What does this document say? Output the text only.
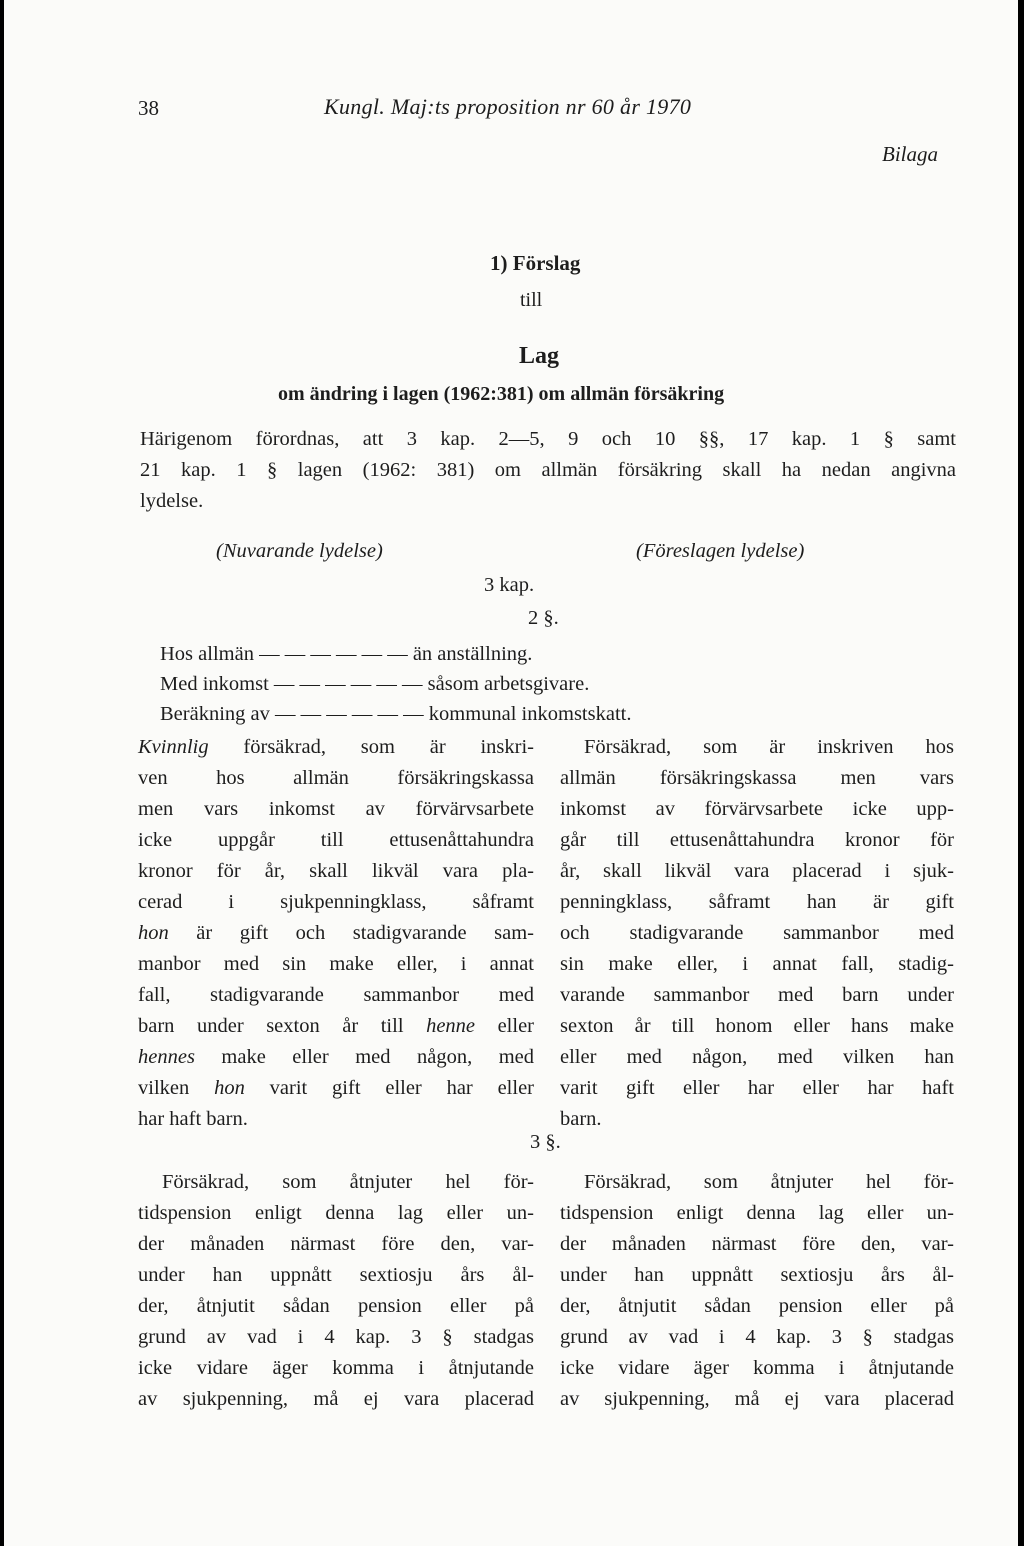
38	Kungl. Maj:ts proposition nr 60 år 1970
Bilaga
1) Förslag
till
Lag
om ändring i lagen (1962:381) om allmän försäkring
Härigenom förordnas, att 3 kap. 2—5, 9 och 10 §§, 17 kap. 1 § samt
21 kap. 1 § lagen (1962: 381) om allmän försäkring skall ha nedan angivna
lydelse.
(Nuvarande lydelse)	(Föreslagen lydelse)
3 kap.
2 §.
Hos allmän — — — — — — än anställning.
Med inkomst — — — — — — såsom arbetsgivare.
Beräkning av — — — — — — kommunal inkomstskatt.
Kvinnlig försäkrad, som är inskri-
ven hos allmän försäkringskassa
men vars inkomst av förvärvsarbete
icke uppgår till ettusenåttahundra
kronor för år, skall likväl vara pla-
cerad i sjukpenningklass, såframt
hon är gift och stadigvarande sam-
manbor med sin make eller, i annat
fall, stadigvarande sammanbor med
barn under sexton år till henne eller
hennes make eller med någon, med
vilken hon varit gift eller har eller
har haft barn.
Försäkrad, som är inskriven hos
allmän försäkringskassa men vars
inkomst av förvärvsarbete icke upp-
går till ettusenåttahundra kronor för
år, skall likväl vara placerad i sjuk-
penningklass, såframt han är gift
och stadigvarande sammanbor med
sin make eller, i annat fall, stadig-
varande sammanbor med barn under
sexton år till honom eller hans make
eller med någon, med vilken han
varit gift eller har eller har haft
barn.
3 §.
Försäkrad, som åtnjuter hel för-
tidspension enligt denna lag eller un-
der månaden närmast före den, var-
under han uppnått sextiosju års ål-
der, åtnjutit sådan pension eller på
grund av vad i 4 kap. 3 § stadgas
icke vidare äger komma i åtnjutande
av sjukpenning, må ej vara placerad
Försäkrad, som åtnjuter hel för-
tidspension enligt denna lag eller un-
der månaden närmast före den, var-
under han uppnått sextiosju års ål-
der, åtnjutit sådan pension eller på
grund av vad i 4 kap. 3 § stadgas
icke vidare äger komma i åtnjutande
av sjukpenning, må ej vara placerad
